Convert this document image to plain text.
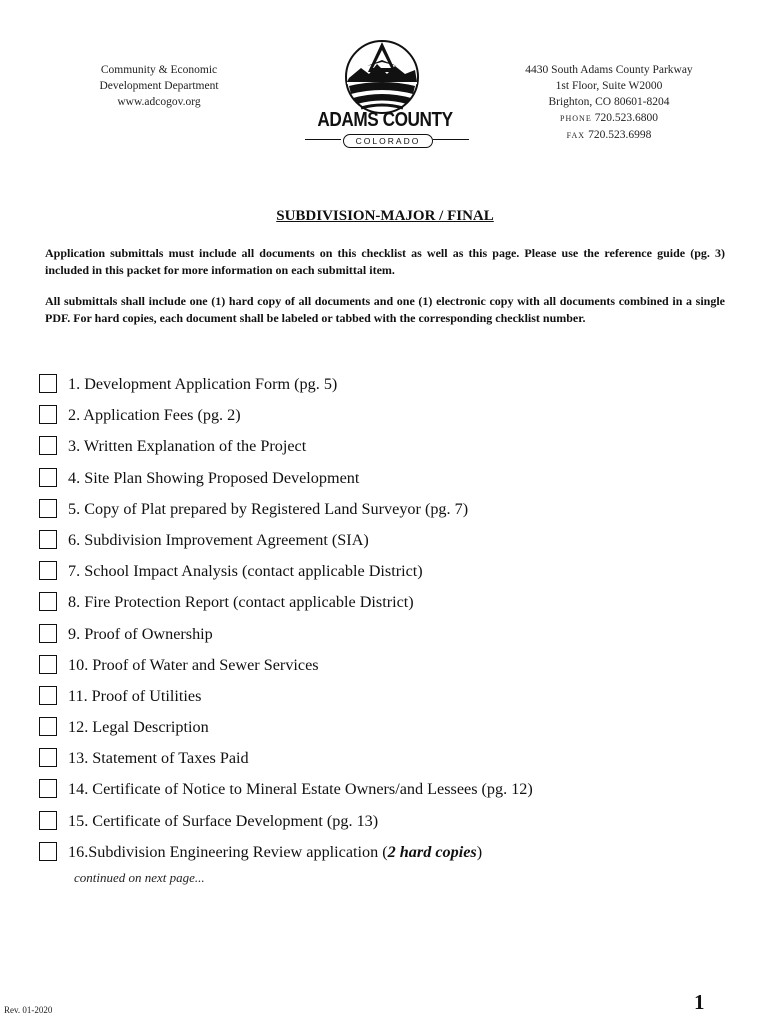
Community & Economic
Development Department
www.adcogov.org
ADAMS COUNTY
COLORADO
4430 South Adams County Parkway
1st Floor, Suite W2000
Brighton, CO 80601-8204
PHONE 720.523.6800
FAX 720.523.6998
SUBDIVISION-MAJOR / FINAL
Application submittals must include all documents on this checklist as well as this page. Please use the reference guide (pg. 3) included in this packet for more information on each submittal item.
All submittals shall include one (1) hard copy of all documents and one (1) electronic copy with all documents combined in a single PDF. For hard copies, each document shall be labeled or tabbed with the corresponding checklist number.
1. Development Application Form (pg. 5)
2. Application Fees (pg. 2)
3. Written Explanation of the Project
4. Site Plan Showing Proposed Development
5. Copy of Plat prepared by Registered Land Surveyor (pg. 7)
6. Subdivision Improvement Agreement (SIA)
7. School Impact Analysis (contact applicable District)
8. Fire Protection Report (contact applicable District)
9. Proof of Ownership
10. Proof of Water and Sewer Services
11. Proof of Utilities
12. Legal Description
13. Statement of Taxes Paid
14. Certificate of Notice to Mineral Estate Owners/and Lessees (pg. 12)
15. Certificate of Surface Development (pg. 13)
16.Subdivision Engineering Review application (2 hard copies)
continued on next page...
Rev. 01-2020	1
